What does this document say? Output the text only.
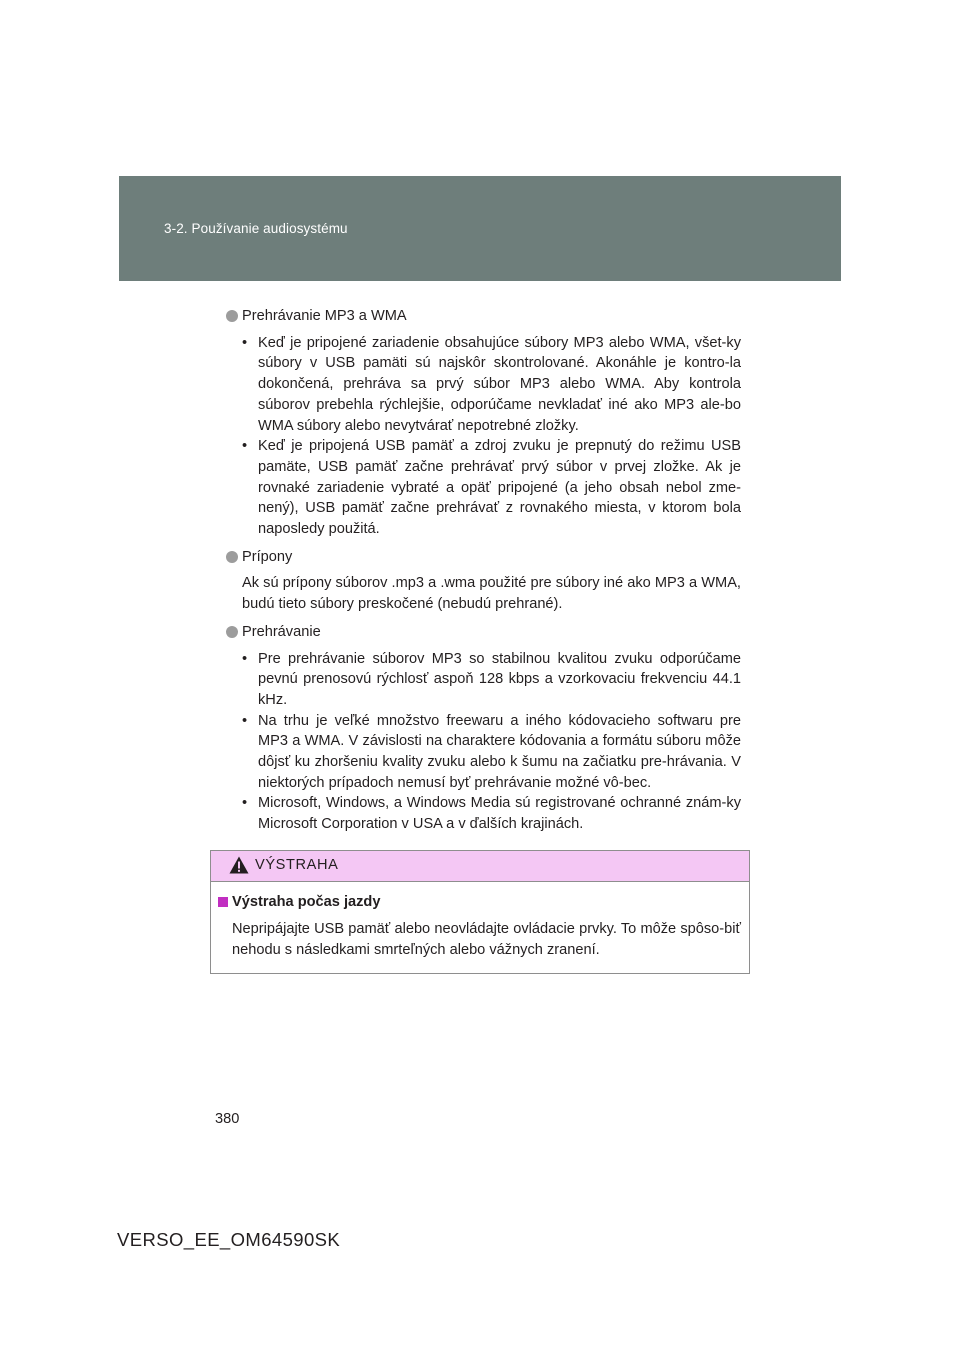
3-2. Používanie audiosystému
Prehrávanie MP3 a WMA
• Keď je pripojené zariadenie obsahujúce súbory MP3 alebo WMA, všet-ky súbory v USB pamäti sú najskôr skontrolované. Akonáhle je kontro-la dokončená, prehráva sa prvý súbor MP3 alebo WMA. Aby kontrola súborov prebehla rýchlejšie, odporúčame nevkladať iné ako MP3 ale-bo WMA súbory alebo nevytvárať nepotrebné zložky.
• Keď je pripojená USB pamäť a zdroj zvuku je prepnutý do režimu USB pamäte, USB pamäť začne prehrávať prvý súbor v prvej zložke. Ak je rovnaké zariadenie vybraté a opäť pripojené (a jeho obsah nebol zme-nený), USB pamäť začne prehrávať z rovnakého miesta, v ktorom bola naposledy použitá.
Prípony
Ak sú prípony súborov .mp3 a .wma použité pre súbory iné ako MP3 a WMA, budú tieto súbory preskočené (nebudú prehrané).
Prehrávanie
• Pre prehrávanie súborov MP3 so stabilnou kvalitou zvuku odporúčame pevnú prenosovú rýchlosť aspoň 128 kbps a vzorkovaciu frekvenciu 44.1 kHz.
• Na trhu je veľké množstvo freewaru a iného kódovacieho softwaru pre MP3 a WMA. V závislosti na charaktere kódovania a formátu súboru môže dôjsť ku zhoršeniu kvality zvuku alebo k šumu na začiatku pre-hrávania. V niektorých prípadoch nemusí byť prehrávanie možné vô-bec.
• Microsoft, Windows, a Windows Media sú registrované ochranné znám-ky Microsoft Corporation v USA a v ďalších krajinách.
VÝSTRAHA
Výstraha počas jazdy
Nepripájajte USB pamäť alebo neovládajte ovládacie prvky. To môže spôso-biť nehodu s následkami smrteľných alebo vážnych zranení.
380
VERSO_EE_OM64590SK
